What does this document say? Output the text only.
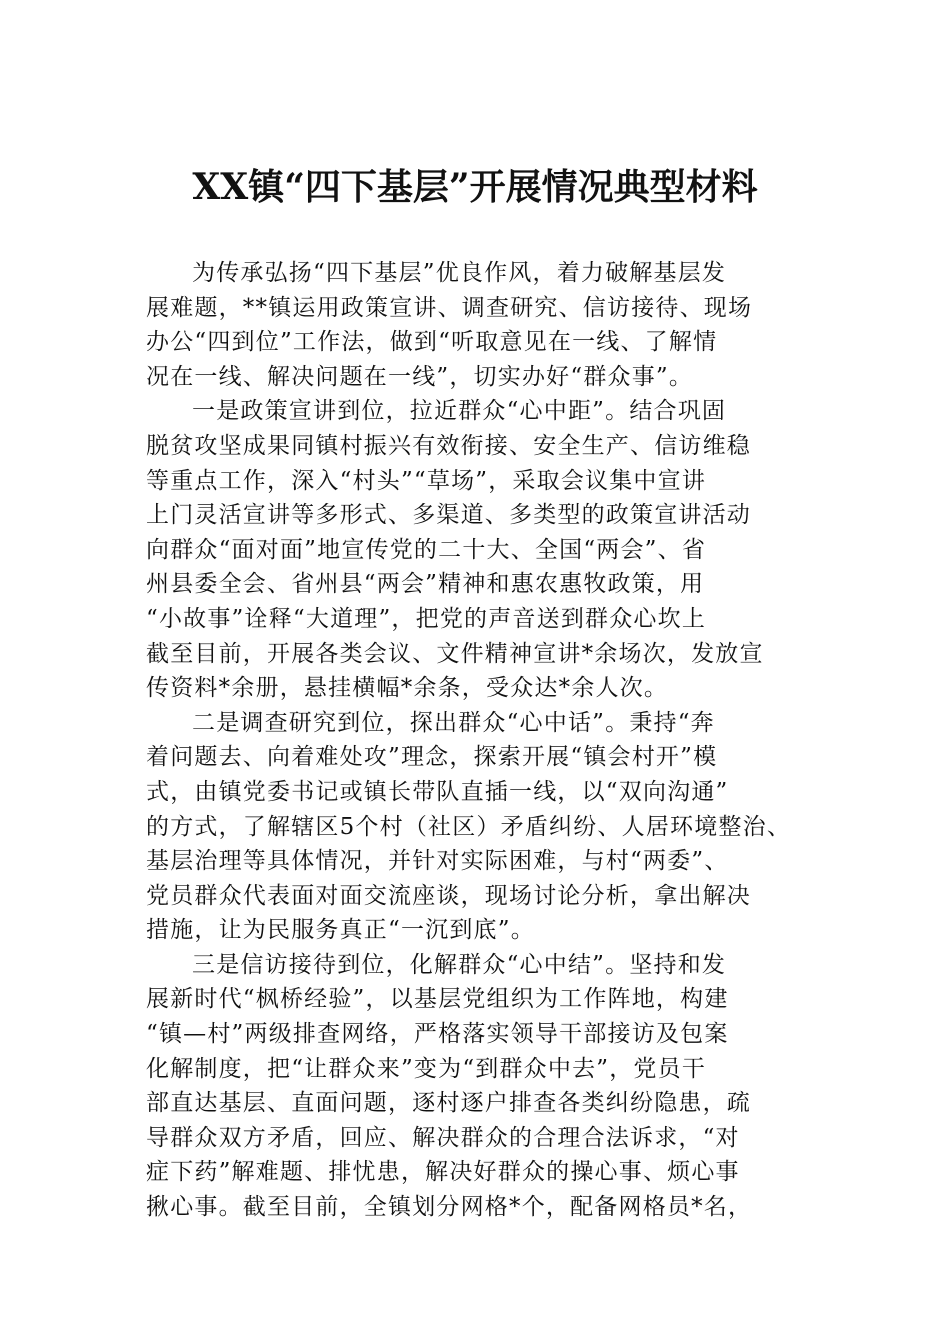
XX镇“四下基层”开展情况典型材料
为传承弘扬“四下基层”优良作风，着力破解基层发
展难题，**镇运用政策宣讲、调查研究、信访接待、现场
办公“四到位”工作法，做到“听取意见在一线、了解情
况在一线、解决问题在一线”，切实办好“群众事”。
一是政策宣讲到位，拉近群众“心中距”。结合巩固
脱贫攻坚成果同镇村振兴有效衔接、安全生产、信访维稳
等重点工作，深入“村头”“草场”，采取会议集中宣讲
上门灵活宣讲等多形式、多渠道、多类型的政策宣讲活动
向群众“面对面”地宣传党的二十大、全国“两会”、省
州县委全会、省州县“两会”精神和惠农惠牧政策，用
“小故事”诠释“大道理”，把党的声音送到群众心坎上
截至目前，开展各类会议、文件精神宣讲*余场次，发放宣
传资料*余册，悬挂横幅*余条，受众达*余人次。
二是调查研究到位，探出群众“心中话”。秉持“奔
着问题去、向着难处攻”理念，探索开展“镇会村开”模
式，由镇党委书记或镇长带队直插一线，以“双向沟通”
的方式，了解辖区5个村（社区）矛盾纠纷、人居环境整治、
基层治理等具体情况，并针对实际困难，与村“两委”、
党员群众代表面对面交流座谈，现场讨论分析，拿出解决
措施，让为民服务真正“一沉到底”。
三是信访接待到位，化解群众“心中结”。坚持和发
展新时代“枫桥经验”，以基层党组织为工作阵地，构建
“镇—村”两级排查网络，严格落实领导干部接访及包案
化解制度，把“让群众来”变为“到群众中去”，党员干
部直达基层、直面问题，逐村逐户排查各类纠纷隐患，疏
导群众双方矛盾，回应、解决群众的合理合法诉求，“对
症下药”解难题、排忧患，解决好群众的操心事、烦心事
揪心事。截至目前，全镇划分网格*个，配备网格员*名，
